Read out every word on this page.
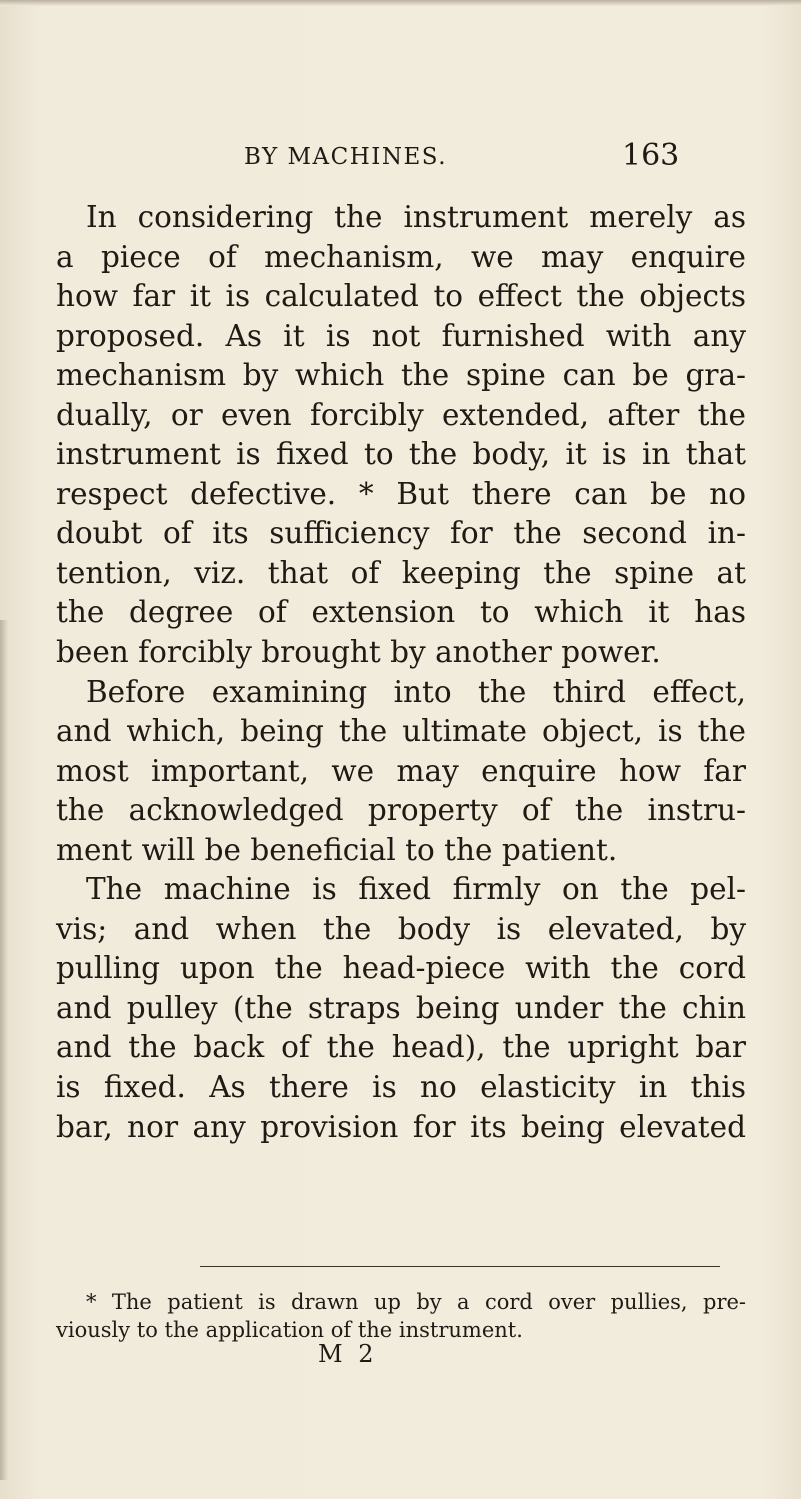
BY MACHINES.	163
In considering the instrument merely as
a piece of mechanism, we may enquire
how far it is calculated to effect the objects
proposed. As it is not furnished with any
mechanism by which the spine can be gra-
dually, or even forcibly extended, after the
instrument is fixed to the body, it is in that
respect defective. * But there can be no
doubt of its sufficiency for the second in-
tention, viz. that of keeping the spine at
the degree of extension to which it has
been forcibly brought by another power.
Before examining into the third effect,
and which, being the ultimate object, is the
most important, we may enquire how far
the acknowledged property of the instru-
ment will be beneficial to the patient.
The machine is fixed firmly on the pel-
vis; and when the body is elevated, by
pulling upon the head-piece with the cord
and pulley (the straps being under the chin
and the back of the head), the upright bar
is fixed. As there is no elasticity in this
bar, nor any provision for its being elevated
* The patient is drawn up by a cord over pullies, pre-
viously to the application of the instrument.
M 2
